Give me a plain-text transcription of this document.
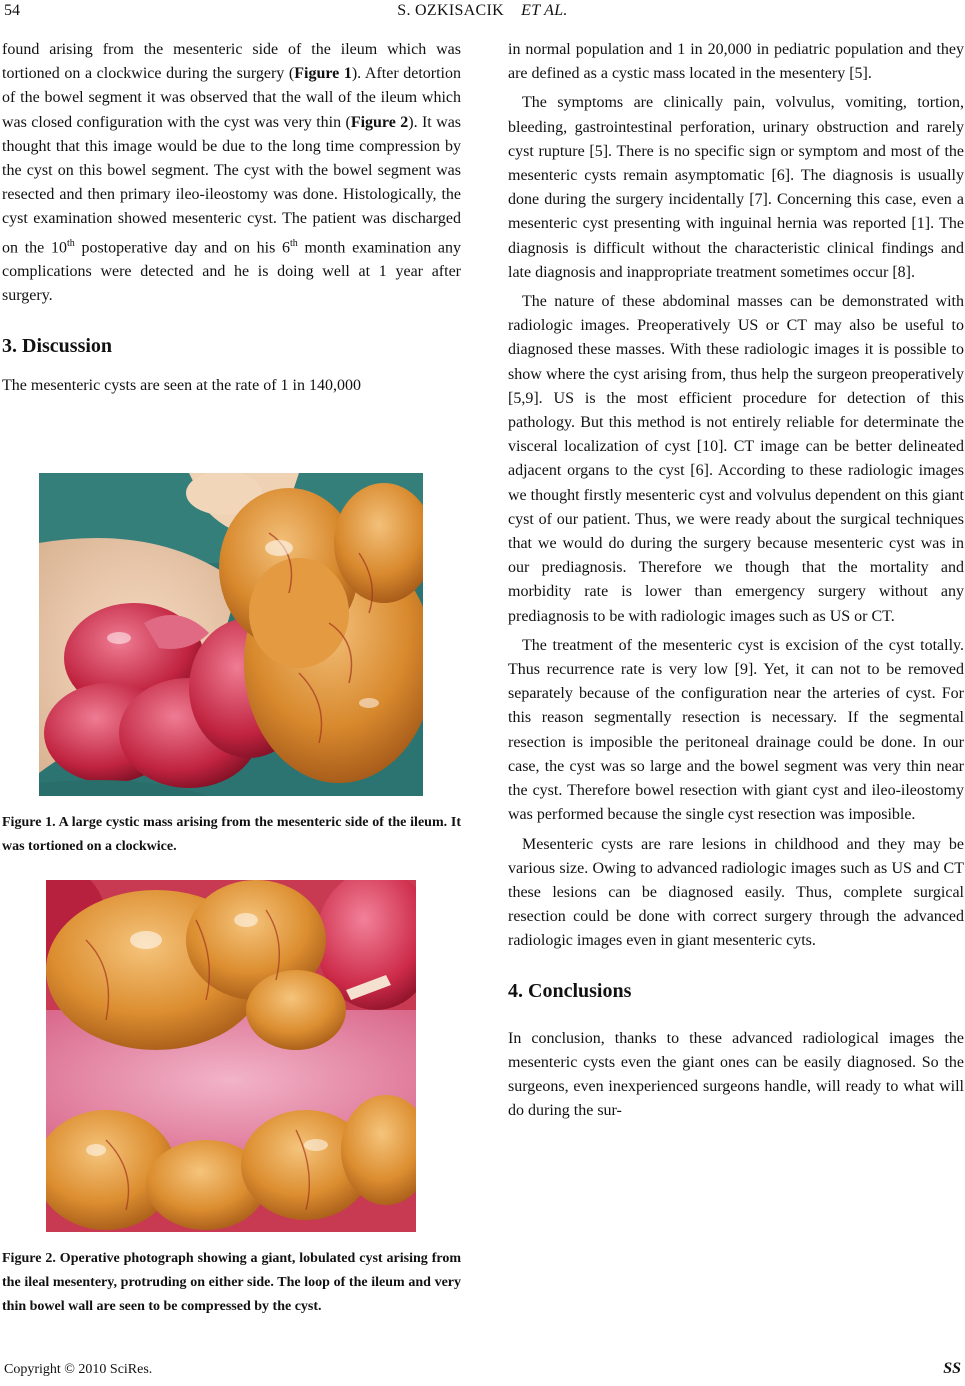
54	S. OZKISACIK ET AL.

found arising from the mesenteric side of the ileum which was tortioned on a clockwice during the surgery (Figure 1). After detortion of the bowel segment it was observed that the wall of the ileum which was closed configuration with the cyst was very thin (Figure 2). It was thought that this image would be due to the long time compression by the cyst on this bowel segment. The cyst with the bowel segment was resected and then primary ileo-ileostomy was done. Histologically, the cyst examination showed mesenteric cyst. The patient was discharged on the 10th postoperative day and on his 6th month examination any complications were detected and he is doing well at 1 year after surgery.

3. Discussion

The mesenteric cysts are seen at the rate of 1 in 140,000

Figure 1. A large cystic mass arising from the mesenteric side of the ileum. It was tortioned on a clockwice.
Figure 2. Operative photograph showing a giant, lobulated cyst arising from the ileal mesentery, protruding on either side. The loop of the ileum and very thin bowel wall are seen to be compressed by the cyst.

in normal population and 1 in 20,000 in pediatric population and they are defined as a cystic mass located in the mesentery [5].

The symptoms are clinically pain, volvulus, vomiting, tortion, bleeding, gastrointestinal perforation, urinary obstruction and rarely cyst rupture [5]. There is no specific sign or symptom and most of the mesenteric cysts remain asymptomatic [6]. The diagnosis is usually done during the surgery incidentally [7]. Concerning this case, even a mesenteric cyst presenting with inguinal hernia was reported [1]. The diagnosis is difficult without the characteristic clinical findings and late diagnosis and inappropriate treatment sometimes occur [8].

The nature of these abdominal masses can be demonstrated with radiologic images. Preoperatively US or CT may also be useful to diagnosed these masses. With these radiologic images it is possible to show where the cyst arising from, thus help the surgeon preoperatively [5,9]. US is the most efficient procedure for detection of this pathology. But this method is not entirely reliable for determinate the visceral localization of cyst [10]. CT image can be better delineated adjacent organs to the cyst [6]. According to these radiologic images we thought firstly mesenteric cyst and volvulus dependent on this giant cyst of our patient. Thus, we were ready about the surgical techniques that we would do during the surgery because mesenteric cyst was in our prediagnosis. Therefore we though that the mortality and morbidity rate is lower than emergency surgery without any prediagnosis to be with radiologic images such as US or CT.

The treatment of the mesenteric cyst is excision of the cyst totally. Thus recurrence rate is very low [9]. Yet, it can not to be removed separately because of the configuration near the arteries of cyst. For this reason segmentally resection is necessary. If the segmental resection is imposible the peritoneal drainage could be done. In our case, the cyst was so large and the bowel segment was very thin near the cyst. Therefore bowel resection with giant cyst and ileo-ileostomy was performed because the single cyst resection was imposible.

Mesenteric cysts are rare lesions in childhood and they may be various size. Owing to advanced radiologic images such as US and CT these lesions can be diagnosed easily. Thus, complete surgical resection could be done with correct surgery through the advanced radiologic images even in giant mesenteric cyts.

4. Conclusions

In conclusion, thanks to these advanced radiological images the mesenteric cysts even the giant ones can be easily diagnosed. So the surgeons, even inexperienced surgeons handle, will ready to what will do during the sur-

Copyright © 2010 SciRes.	SS
